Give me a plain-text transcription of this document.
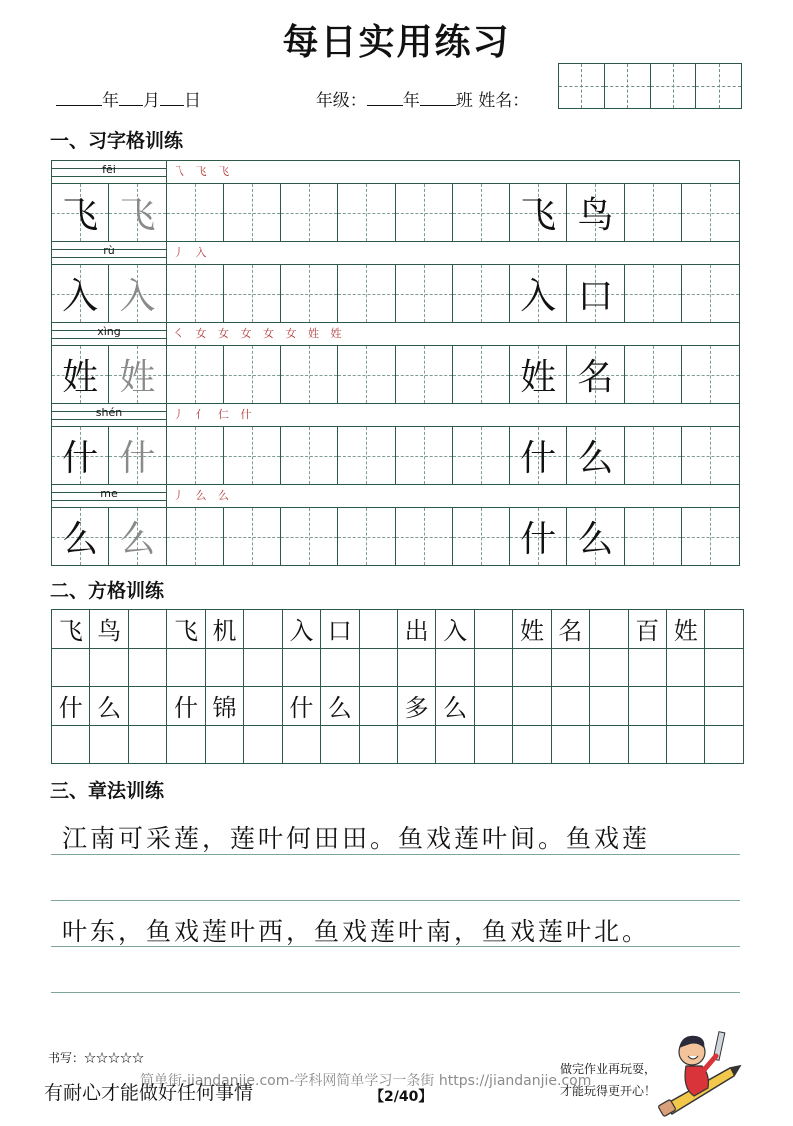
每日实用练习
年 月 日	年级： 年 班 姓名：
一、习字格训练
fēi	乁 飞 飞
飞 飞	飞 鸟
rù	丿 入
入 入	入 口
xìng	㇛ 女 女 女 女 女 姓 姓
姓 姓	姓 名
shén	丿 亻 仁 什
什 什	什 么
me	丿 么 么
么 么	什 么
二、方格训练
飞 鸟	飞 机	入 口	出 入	姓 名	百 姓
什 么	什 锦	什 么	多 么
三、章法训练
江南可采莲，莲叶何田田。鱼戏莲叶间。鱼戏莲
叶东，鱼戏莲叶西，鱼戏莲叶南，鱼戏莲叶北。
书写：☆☆☆☆☆
简单街-jiandanjie.com-学科网简单学习一条街 https://jiandanjie.com
有耐心才能做好任何事情	【2/40】
做完作业再玩耍，
才能玩得更开心！
